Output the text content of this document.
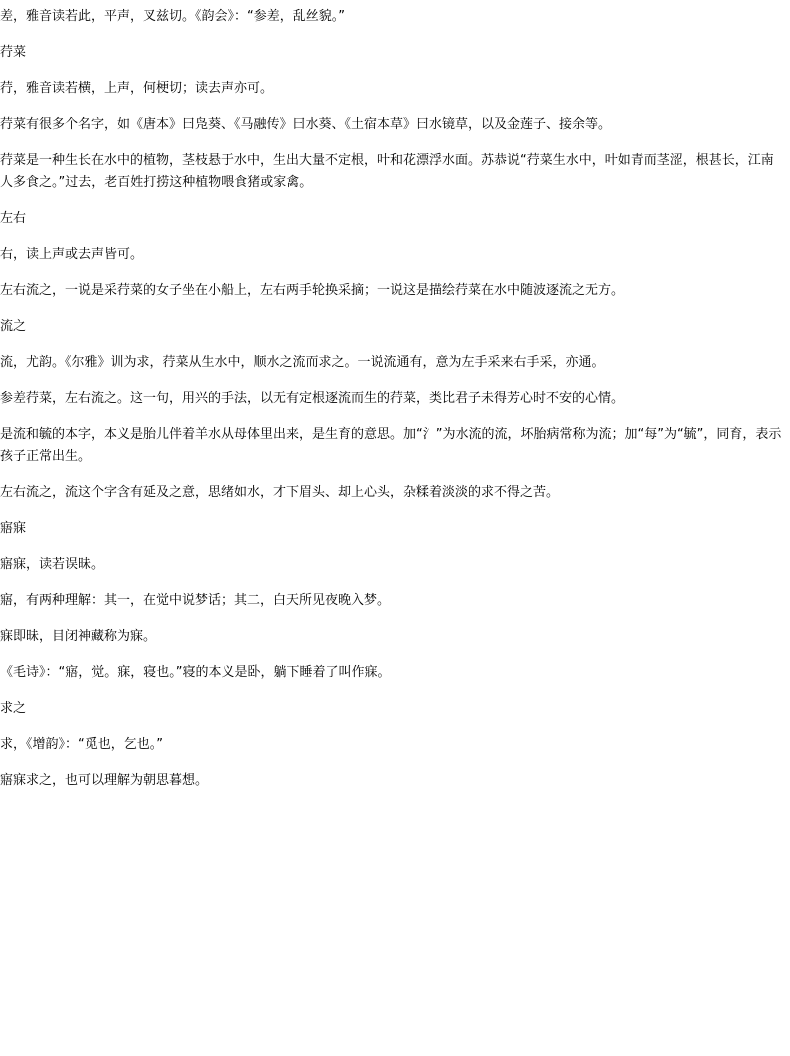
差，雅音读若此，平声，叉兹切。《韵会》：“参差，乱丝貌。”

荇菜

荇，雅音读若横，上声，何梗切；读去声亦可。

荇菜有很多个名字，如《唐本》曰凫葵、《马融传》曰水葵、《土宿本草》曰水镜草，以及金莲子、接余等。

荇菜是一种生长在水中的植物，茎枝悬于水中，生出大量不定根，叶和花漂浮水面。苏恭说“荇菜生水中，叶如青而茎涩，根甚长，江南人多食之。”过去，老百姓打捞这种植物喂食猪或家禽。

左右

右，读上声或去声皆可。

左右流之，一说是采荇菜的女子坐在小船上，左右两手轮换采摘；一说这是描绘荇菜在水中随波逐流之无方。

流之

流，尤韵。《尔雅》训为求，荇菜从生水中，顺水之流而求之。一说流通有，意为左手采来右手采，亦通。

参差荇菜，左右流之。这一句，用兴的手法，以无有定根逐流而生的荇菜，类比君子未得芳心时不安的心情。

是流和毓的本字，本义是胎儿伴着羊水从母体里出来，是生育的意思。加“氵”为水流的流，坏胎病常称为流；加“每”为“毓”，同育，表示孩子正常出生。

左右流之，流这个字含有延及之意，思绪如水，才下眉头、却上心头，杂糅着淡淡的求不得之苦。

寤寐

寤寐，读若误昧。

寤，有两种理解：其一，在觉中说梦话；其二，白天所见夜晚入梦。

寐即昧，目闭神藏称为寐。

《毛诗》：“寤，觉。寐，寝也。”寝的本义是卧，躺下睡着了叫作寐。

求之

求，《增韵》：“觅也，乞也。”

寤寐求之，也可以理解为朝思暮想。
